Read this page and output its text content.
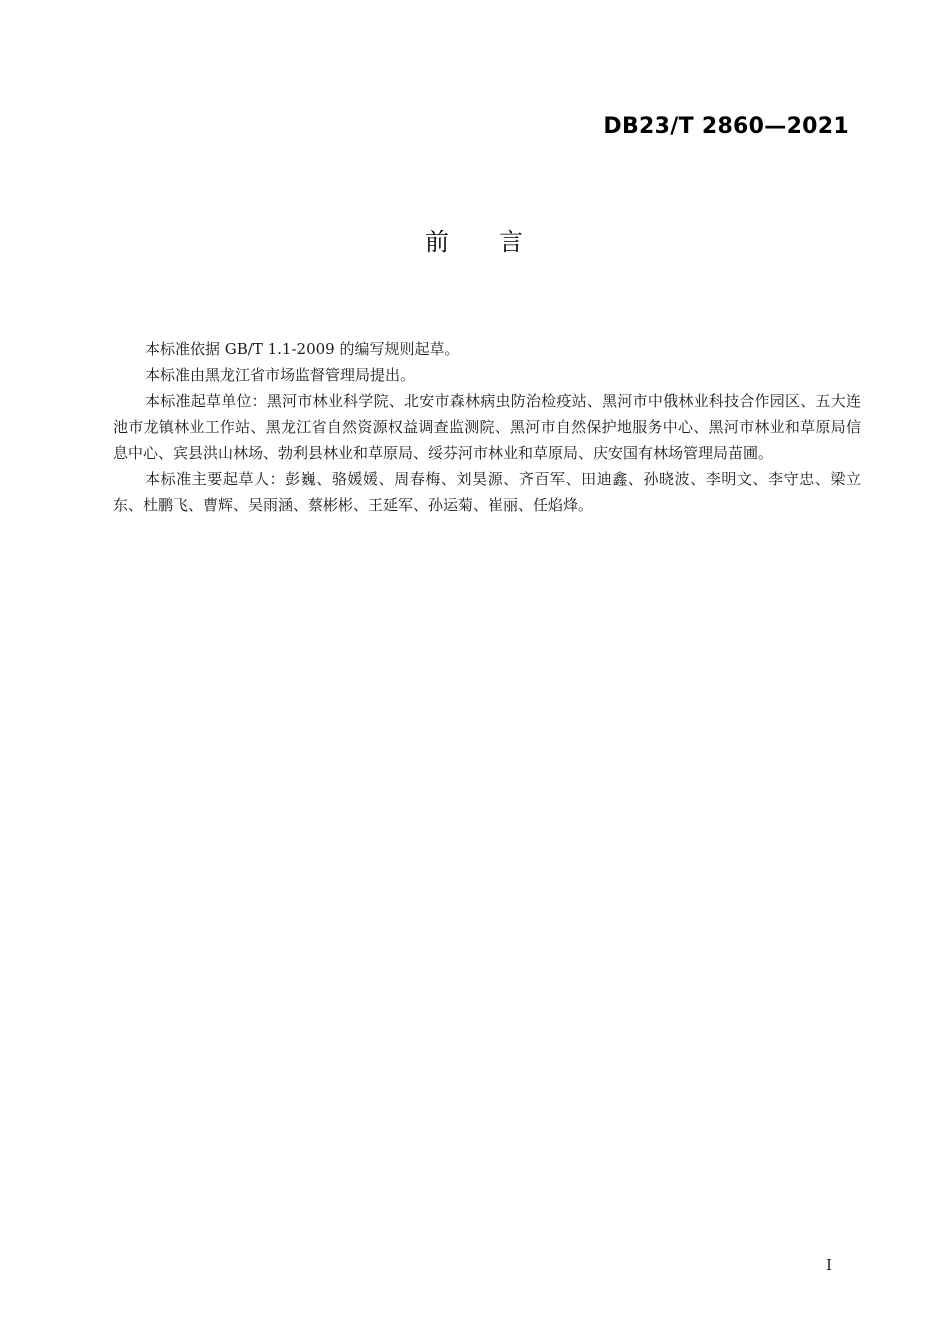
DB23/T 2860—2021
前 言

本标准依据 GB/T 1.1-2009 的编写规则起草。

本标准由黑龙江省市场监督管理局提出。

本标准起草单位：黑河市林业科学院、北安市森林病虫防治检疫站、黑河市中俄林业科技合作园区、五大连池市龙镇林业工作站、黑龙江省自然资源权益调查监测院、黑河市自然保护地服务中心、黑河市林业和草原局信息中心、宾县洪山林场、勃利县林业和草原局、绥芬河市林业和草原局、庆安国有林场管理局苗圃。

本标准主要起草人：彭巍、骆媛媛、周春梅、刘昊源、齐百军、田迪鑫、孙晓波、李明文、李守忠、梁立东、杜鹏飞、曹辉、吴雨涵、蔡彬彬、王延军、孙运菊、崔丽、任焰烽。

I
